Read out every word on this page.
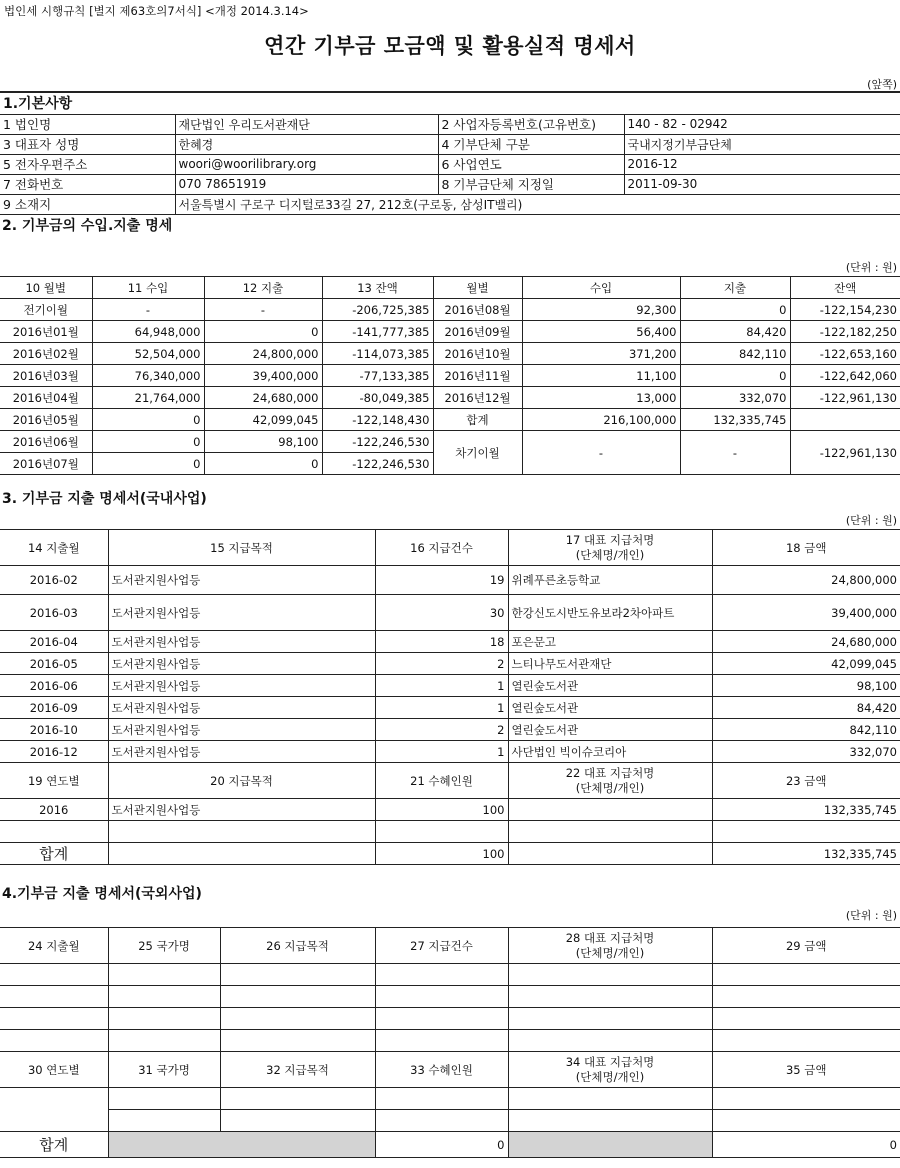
법인세 시행규칙 [별지 제63호의7서식] <개정 2014.3.14>
연간 기부금 모금액 및 활용실적 명세서
(앞쪽)
1.기본사항			
1 법인명	재단법인 우리도서관재단	2 사업자등록번호(고유번호)	140 - 82 - 02942
3 대표자 성명	한혜경	4 기부단체 구분	국내지정기부금단체
5 전자우편주소	woori@woorilibrary.org	6 사업연도	2016-12
7 전화번호	070 78651919	8 기부금단체 지정일	2011-09-30
9 소재지	서울특별시 구로구 디지털로33길 27, 212호(구로동, 삼성IT밸리)		
2. 기부금의 수입.지출 명세
(단위 : 원)
10 월별	11 수입	12 지출	13 잔액	월별	수입	지출	잔액
전기이월	-	-	-206,725,385	2016년08월	92,300	0	-122,154,230
2016년01월	64,948,000	0	-141,777,385	2016년09월	56,400	84,420	-122,182,250
2016년02월	52,504,000	24,800,000	-114,073,385	2016년10월	371,200	842,110	-122,653,160
2016년03월	76,340,000	39,400,000	-77,133,385	2016년11월	11,100	0	-122,642,060
2016년04월	21,764,000	24,680,000	-80,049,385	2016년12월	13,000	332,070	-122,961,130
2016년05월	0	42,099,045	-122,148,430	합계	216,100,000	132,335,745	
2016년06월	0	98,100	-122,246,530	차기이월	-	-	-122,961,130
2016년07월	0	0	-122,246,530				
3. 기부금 지출 명세서(국내사업)
(단위 : 원)
14 지출월	15 지급목적	16 지급건수	17 대표 지급처명
(단체명/개인)	18 금액
2016-02	도서관지원사업등	19	위례푸른초등학교	24,800,000
2016-03	도서관지원사업등	30	한강신도시반도유보라2차아파트	39,400,000
2016-04	도서관지원사업등	18	포은문고	24,680,000
2016-05	도서관지원사업등	2	느티나무도서관재단	42,099,045
2016-06	도서관지원사업등	1	열린숲도서관	98,100
2016-09	도서관지원사업등	1	열린숲도서관	84,420
2016-10	도서관지원사업등	2	열린숲도서관	842,110
2016-12	도서관지원사업등	1	사단법인 빅이슈코리아	332,070
19 연도별	20 지급목적	21 수혜인원	22 대표 지급처명
(단체명/개인)	23 금액
2016	도서관지원사업등	100		132,335,745

합계		100		132,335,745
4.기부금 지출 명세서(국외사업)
(단위 : 원)
24 지출월	25 국가명	26 지급목적	27 지급건수	28 대표 지급처명
(단체명/개인)	29 금액

30 연도별	31 국가명	32 지급목적	33 수혜인원	34 대표 지급처명
(단체명/개인)	35 금액

합계			0		0
